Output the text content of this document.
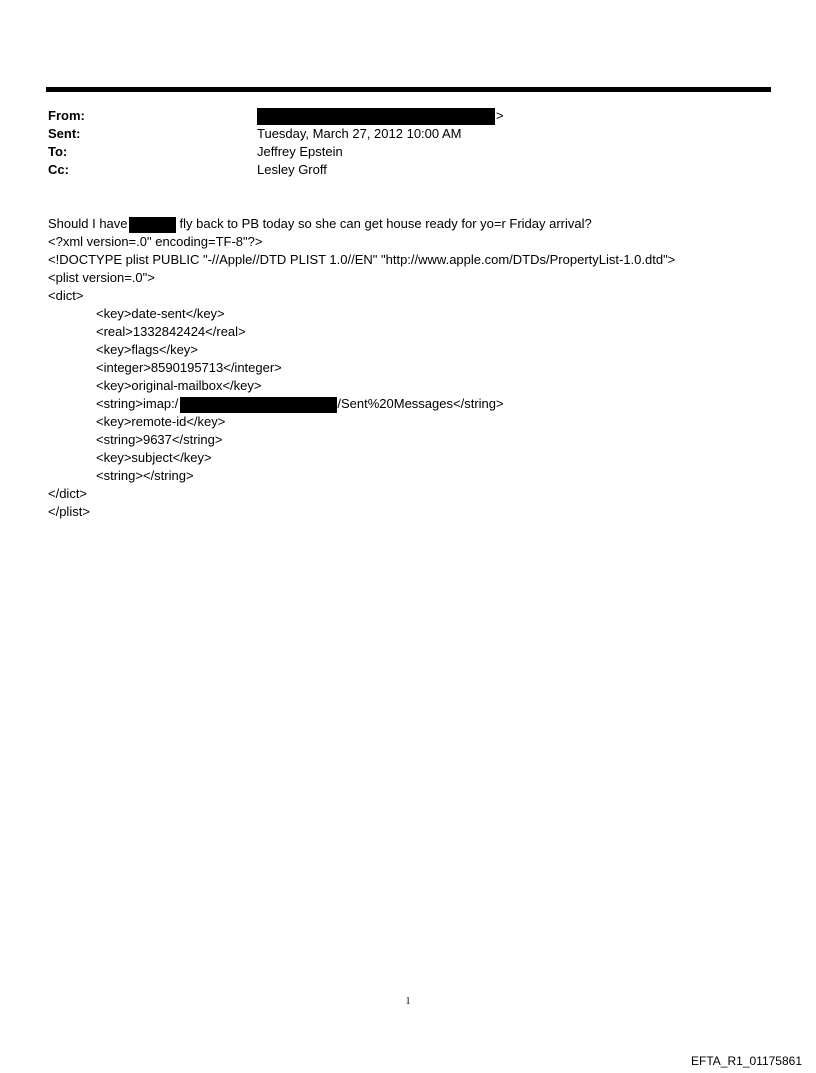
From:	>
Sent:	Tuesday, March 27, 2012 10:00 AM
To:	Jeffrey Epstein
Cc:	Lesley Groff
Should I have	fly back to PB today so she can get house ready for yo=r Friday arrival?
<?xml version=.0" encoding=TF-8"?>
<!DOCTYPE plist PUBLIC "-//Apple//DTD PLIST 1.0//EN" "http://www.apple.com/DTDs/PropertyList-1.0.dtd">
<plist version=.0">
<dict>
<key>date-sent</key>
<real>1332842424</real>
<key>flags</key>
<integer>8590195713</integer>
<key>original-mailbox</key>
<string>imap:/	/Sent%20Messages</string>
<key>remote-id</key>
<string>9637</string>
<key>subject</key>
<string></string>
</dict>
</plist>
1
EFTA_R1_01175861
